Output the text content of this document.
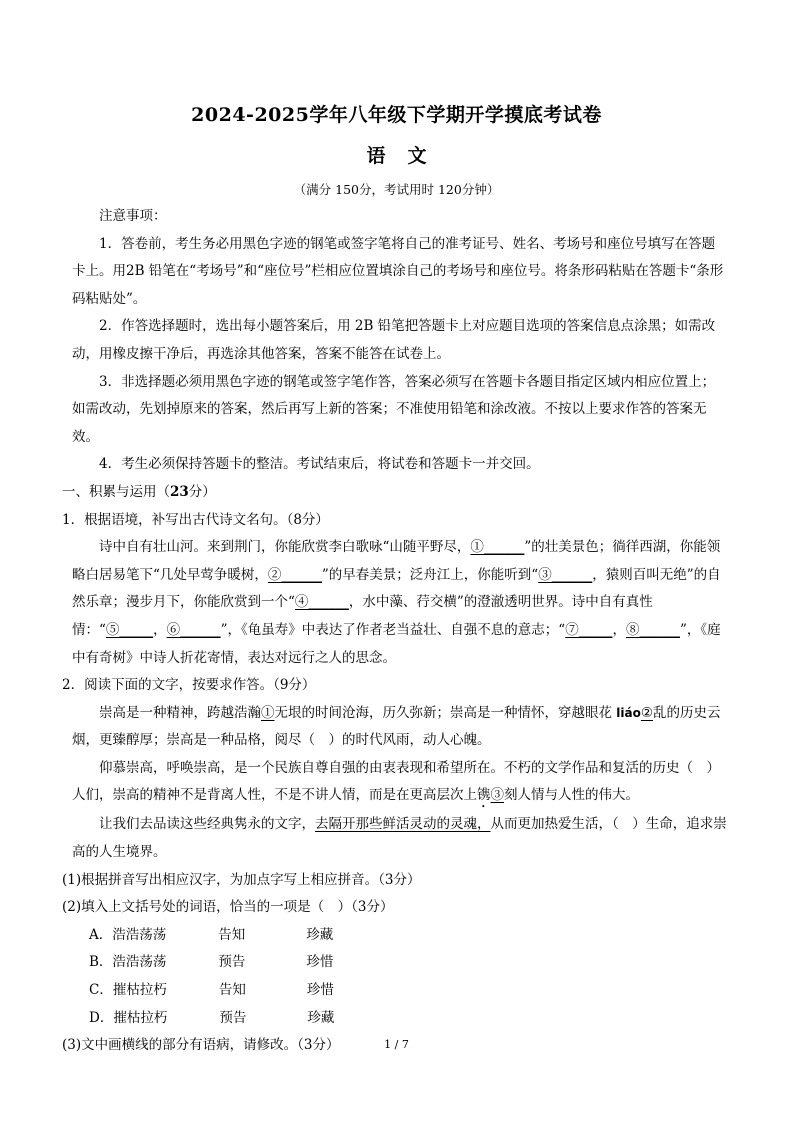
2024-2025学年八年级下学期开学摸底考试卷
语文
（满分 150分，考试用时 120分钟）

注意事项：

1．答卷前，考生务必用黑色字迹的钢笔或签字笔将自己的准考证号、姓名、考场号和座位号填写在答题卡上。用2B 铅笔在“考场号”和“座位号”栏相应位置填涂自己的考场号和座位号。将条形码粘贴在答题卡“条形码粘贴处”。

2．作答选择题时，选出每小题答案后，用 2B 铅笔把答题卡上对应题目选项的答案信息点涂黑；如需改动，用橡皮擦干净后，再选涂其他答案，答案不能答在试卷上。

3．非选择题必须用黑色字迹的钢笔或签字笔作答，答案必须写在答题卡各题目指定区域内相应位置上；如需改动，先划掉原来的答案，然后再写上新的答案；不准使用铅笔和涂改液。不按以上要求作答的答案无效。

4．考生必须保持答题卡的整洁。考试结束后，将试卷和答题卡一并交回。

一、积累与运用（23分）

1．根据语境，补写出古代诗文名句。（8分）

诗中自有壮山河。来到荆门，你能欣赏李白歌咏“山随平野尽，①______”的壮美景色；徜徉西湖，你能领略白居易笔下“几处早莺争暖树，②______”的早春美景；泛舟江上，你能听到“③______，猿则百叫无绝”的自然乐章；漫步月下，你能欣赏到一个“④______，水中藻、荇交横”的澄澈透明世界。诗中自有真性情：“⑤_____，⑥______”，《龟虽寿》中表达了作者老当益壮、自强不息的意志；“⑦_____，⑧______”，《庭中有奇树》中诗人折花寄情，表达对远行之人的思念。

2．阅读下面的文字，按要求作答。（9分）

崇高是一种精神，跨越浩瀚①无垠的时间沧海，历久弥新；崇高是一种情怀，穿越眼花 liáo②乱的历史云烟，更臻醇厚；崇高是一种品格，阅尽（　）的时代风雨，动人心魄。

仰慕崇高，呼唤崇高，是一个民族自尊自强的由衷表现和希望所在。不朽的文学作品和复活的历史（　）人们，崇高的精神不是背离人性，不是不讲人情，而是在更高层次上镌③刻人情与人性的伟大。

让我们去品读这些经典隽永的文字，去隔开那些鲜活灵动的灵魂，从而更加热爱生活，（　）生命，追求崇高的人生境界。

(1)根据拼音写出相应汉字，为加点字写上相应拼音。（3分）

(2)填入上文括号处的词语，恰当的一项是（　）（3分）

A．浩浩荡荡	告知	珍藏

B．浩浩荡荡	预告	珍惜

C．摧枯拉朽	告知	珍惜

D．摧枯拉朽	预告	珍藏

(3)文中画横线的部分有语病，请修改。（3分）	1 / 7
